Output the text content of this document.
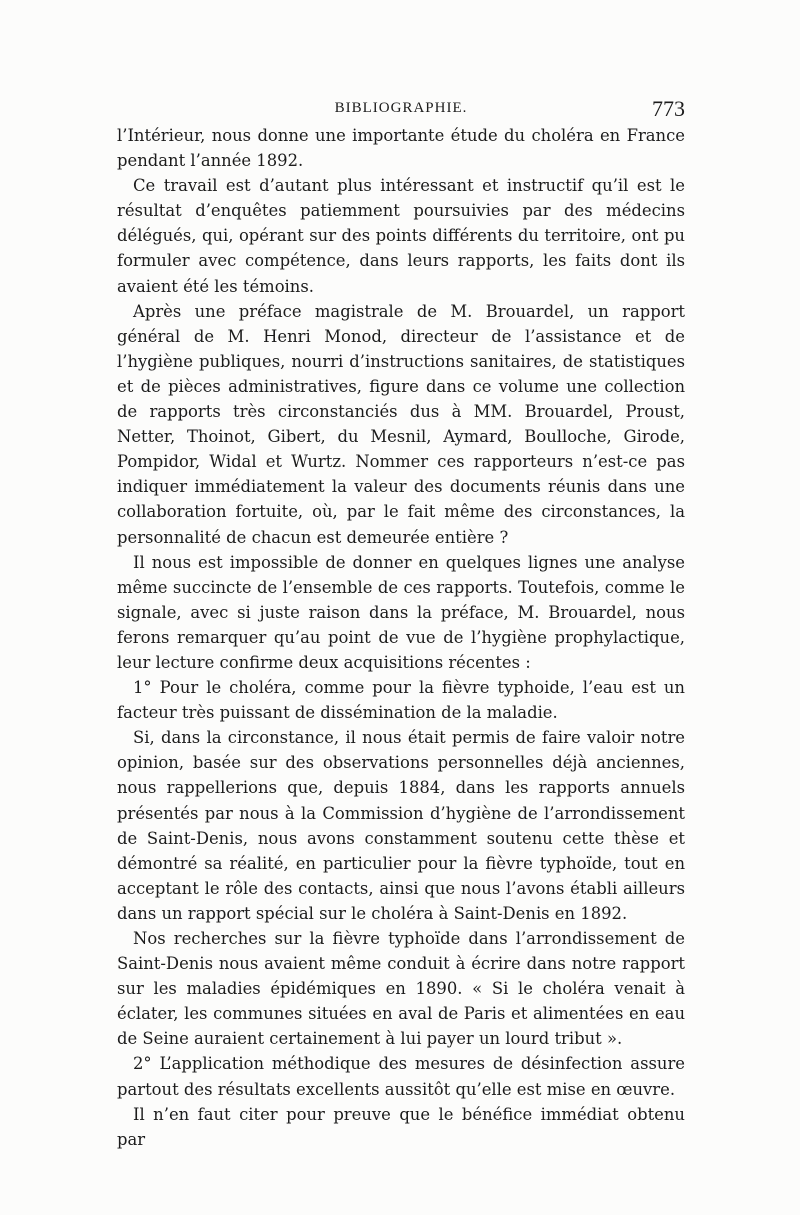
BIBLIOGRAPHIE.	773

l’Intérieur, nous donne une importante étude du choléra en France pendant l’année 1892.

Ce travail est d’autant plus intéressant et instructif qu’il est le résultat d’enquêtes patiemment poursuivies par des médecins délégués, qui, opérant sur des points différents du territoire, ont pu formuler avec compétence, dans leurs rapports, les faits dont ils avaient été les témoins.

Après une préface magistrale de M. Brouardel, un rapport général de M. Henri Monod, directeur de l’assistance et de l’hygiène publiques, nourri d’instructions sanitaires, de statistiques et de pièces administratives, figure dans ce volume une collection de rapports très circonstanciés dus à MM. Brouardel, Proust, Netter, Thoinot, Gibert, du Mesnil, Aymard, Boulloche, Girode, Pompidor, Widal et Wurtz. Nommer ces rapporteurs n’est-ce pas indiquer immédiatement la valeur des documents réunis dans une collaboration fortuite, où, par le fait même des circonstances, la personnalité de chacun est demeurée entière ?

Il nous est impossible de donner en quelques lignes une analyse même succincte de l’ensemble de ces rapports. Toutefois, comme le signale, avec si juste raison dans la préface, M. Brouardel, nous ferons remarquer qu’au point de vue de l’hygiène prophylactique, leur lecture confirme deux acquisitions récentes :

1° Pour le choléra, comme pour la fièvre typhoide, l’eau est un facteur très puissant de dissémination de la maladie.

Si, dans la circonstance, il nous était permis de faire valoir notre opinion, basée sur des observations personnelles déjà anciennes, nous rappellerions que, depuis 1884, dans les rapports annuels présentés par nous à la Commission d’hygiène de l’arrondissement de Saint-Denis, nous avons constamment soutenu cette thèse et démontré sa réalité, en particulier pour la fièvre typhoïde, tout en acceptant le rôle des contacts, ainsi que nous l’avons établi ailleurs dans un rapport spécial sur le choléra à Saint-Denis en 1892.

Nos recherches sur la fièvre typhoïde dans l’arrondissement de Saint-Denis nous avaient même conduit à écrire dans notre rapport sur les maladies épidémiques en 1890. « Si le choléra venait à éclater, les communes situées en aval de Paris et alimentées en eau de Seine auraient certainement à lui payer un lourd tribut ».

2° L’application méthodique des mesures de désinfection assure partout des résultats excellents aussitôt qu’elle est mise en œuvre.

Il n’en faut citer pour preuve que le bénéfice immédiat obtenu par
